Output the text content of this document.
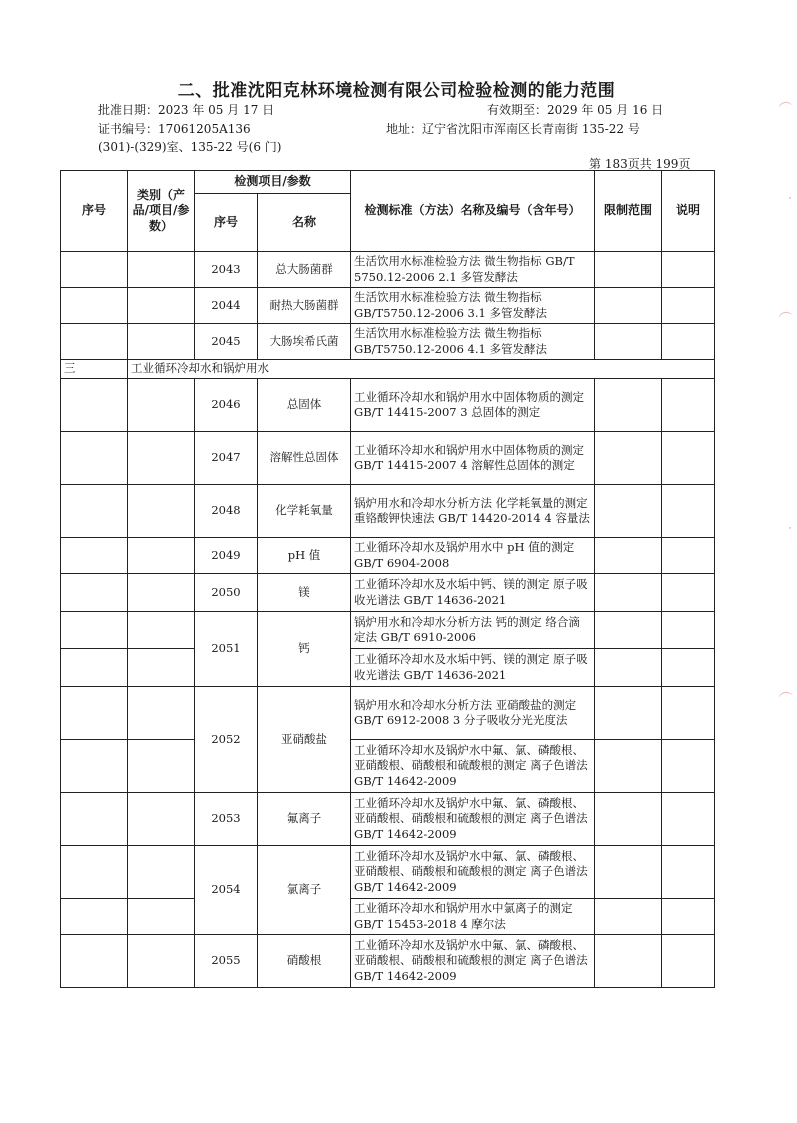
二、批准沈阳克林环境检测有限公司检验检测的能力范围
批准日期：2023 年 05 月 17 日	有效期至：2029 年 05 月 16 日
证书编号：17061205A136	地址：辽宁省沈阳市浑南区长青南街 135-22 号
(301)-(329)室、135-22 号(6 门)
第 183页共 199页
（
·
（
·
（
序号	类别（产品/项目/参数）	检测项目/参数		检测标准（方法）名称及编号（含年号）	限制范围	说明
		序号	名称			
		2043	总大肠菌群	生活饮用水标准检验方法 微生物指标 GB/T 5750.12-2006 2.1 多管发酵法		
		2044	耐热大肠菌群	生活饮用水标准检验方法 微生物指标 GB/T5750.12-2006 3.1 多管发酵法		
		2045	大肠埃希氏菌	生活饮用水标准检验方法 微生物指标 GB/T5750.12-2006 4.1 多管发酵法		
三	工业循环冷却水和锅炉用水					
		2046	总固体	工业循环冷却水和锅炉用水中固体物质的测定 GB/T 14415-2007 3 总固体的测定		
		2047	溶解性总固体	工业循环冷却水和锅炉用水中固体物质的测定 GB/T 14415-2007 4 溶解性总固体的测定		
		2048	化学耗氧量	锅炉用水和冷却水分析方法 化学耗氧量的测定 重铬酸钾快速法 GB/T 14420-2014 4 容量法		
		2049	pH 值	工业循环冷却水及锅炉用水中 pH 值的测定 GB/T 6904-2008		
		2050	镁	工业循环冷却水及水垢中钙、镁的测定 原子吸收光谱法 GB/T 14636-2021		
		2051	钙	锅炉用水和冷却水分析方法 钙的测定 络合滴定法 GB/T 6910-2006		
				工业循环冷却水及水垢中钙、镁的测定 原子吸收光谱法 GB/T 14636-2021		
		2052	亚硝酸盐	锅炉用水和冷却水分析方法 亚硝酸盐的测定 GB/T 6912-2008 3 分子吸收分光光度法		
				工业循环冷却水及锅炉水中氟、氯、磷酸根、亚硝酸根、硝酸根和硫酸根的测定 离子色谱法 GB/T 14642-2009		
		2053	氟离子	工业循环冷却水及锅炉水中氟、氯、磷酸根、亚硝酸根、硝酸根和硫酸根的测定 离子色谱法 GB/T 14642-2009		
		2054	氯离子	工业循环冷却水及锅炉水中氟、氯、磷酸根、亚硝酸根、硝酸根和硫酸根的测定 离子色谱法 GB/T 14642-2009		
				工业循环冷却水和锅炉用水中氯离子的测定 GB/T 15453-2018 4 摩尔法		
		2055	硝酸根	工业循环冷却水及锅炉水中氟、氯、磷酸根、亚硝酸根、硝酸根和硫酸根的测定 离子色谱法 GB/T 14642-2009		
